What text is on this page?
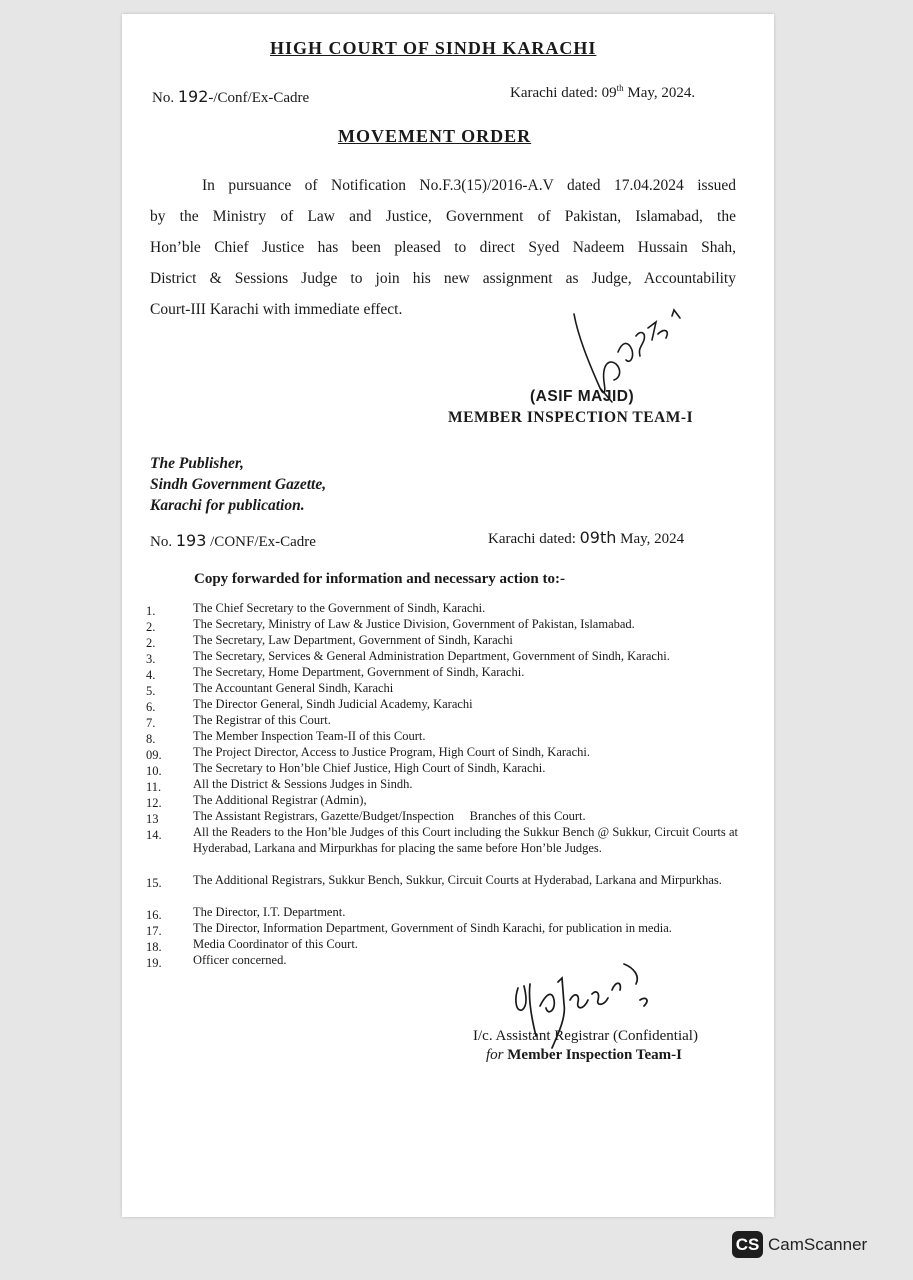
HIGH COURT OF SINDH KARACHI
No. 192-/Conf/Ex-Cadre	Karachi dated: 09th May, 2024.
MOVEMENT ORDER
In pursuance of Notification No.F.3(15)/2016-A.V dated 17.04.2024 issued
by the Ministry of Law and Justice, Government of Pakistan, Islamabad, the
Hon’ble Chief Justice has been pleased to direct Syed Nadeem Hussain Shah,
District & Sessions Judge to join his new assignment as Judge, Accountability
Court-III Karachi with immediate effect.
(ASIF MAJID)
MEMBER INSPECTION TEAM-I
The Publisher,
Sindh Government Gazette,
Karachi for publication.
No. 193 /CONF/Ex-Cadre	Karachi dated: 09th May, 2024
Copy forwarded for information and necessary action to:-
1.	The Chief Secretary to the Government of Sindh, Karachi.
2.	The Secretary, Ministry of Law & Justice Division, Government of Pakistan, Islamabad.
2.	The Secretary, Law Department, Government of Sindh, Karachi
3.	The Secretary, Services & General Administration Department, Government of Sindh, Karachi.
4.	The Secretary, Home Department, Government of Sindh, Karachi.
5.	The Accountant General Sindh, Karachi
6.	The Director General, Sindh Judicial Academy, Karachi
7.	The Registrar of this Court.
8.	The Member Inspection Team-II of this Court.
09.	The Project Director, Access to Justice Program, High Court of Sindh, Karachi.
10.	The Secretary to Hon’ble Chief Justice, High Court of Sindh, Karachi.
11.	All the District & Sessions Judges in Sindh.
12.	The Additional Registrar (Admin),
13	The Assistant Registrars, Gazette/Budget/Inspection     Branches of this Court.
14.	All the Readers to the Hon’ble Judges of this Court including the Sukkur Bench @ Sukkur, Circuit Courts at Hyderabad, Larkana and Mirpurkhas for placing the same before Hon’ble Judges.
15.	The Additional Registrars, Sukkur Bench, Sukkur, Circuit Courts at Hyderabad, Larkana and Mirpurkhas.
16.	The Director, I.T. Department.
17.	The Director, Information Department, Government of Sindh Karachi, for publication in media.
18.	Media Coordinator of this Court.
19.	Officer concerned.
I/c. Assistant Registrar (Confidential)
for Member Inspection Team-I
CS CamScanner
